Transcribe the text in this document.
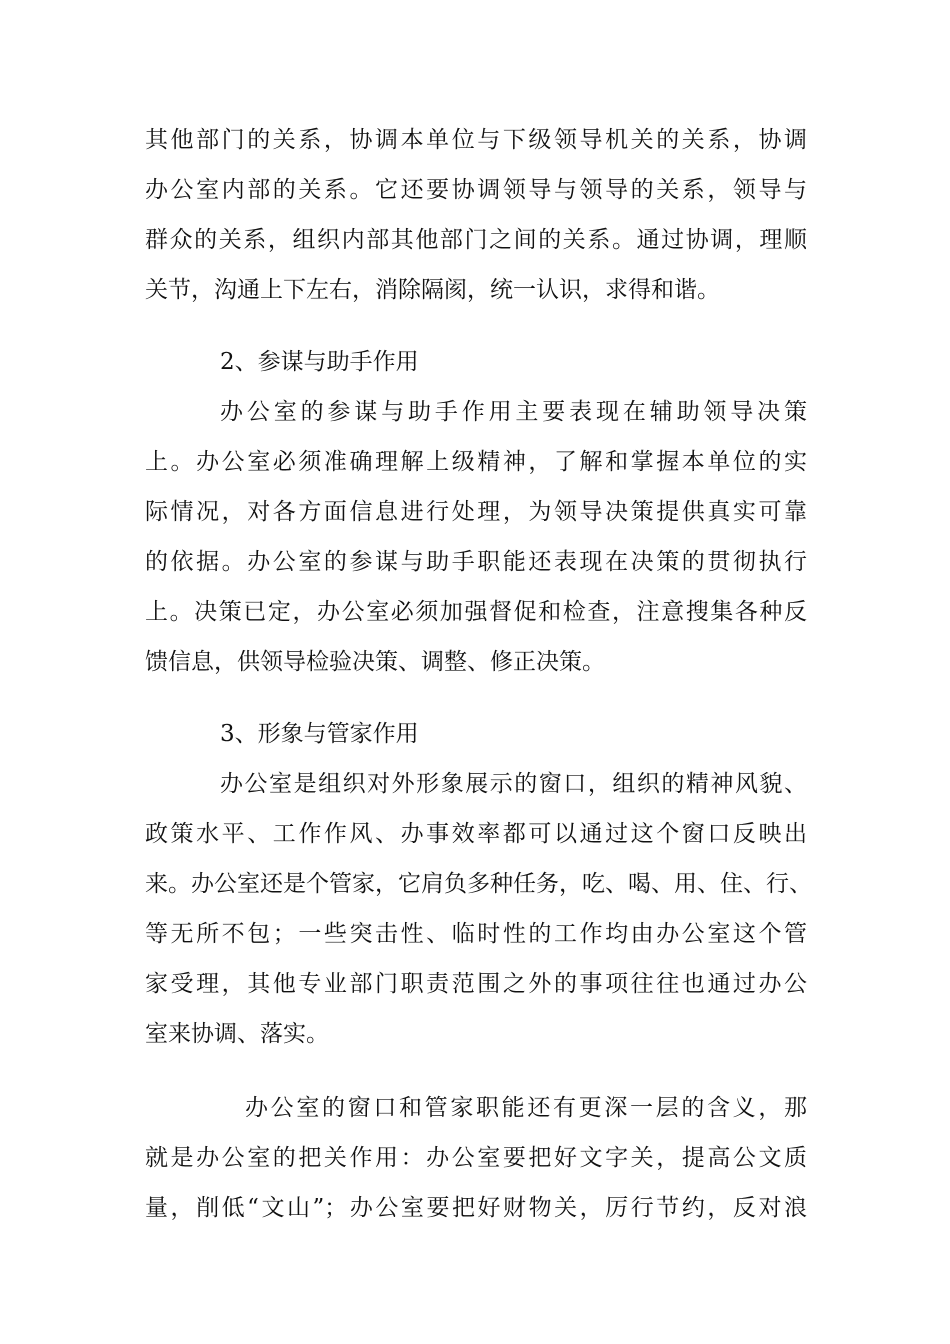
其他部门的关系，协调本单位与下级领导机关的关系，协调
办公室内部的关系。它还要协调领导与领导的关系，领导与
群众的关系，组织内部其他部门之间的关系。通过协调，理顺
关节，沟通上下左右，消除隔阂，统一认识，求得和谐。
2、参谋与助手作用
办公室的参谋与助手作用主要表现在辅助领导决策
上。办公室必须准确理解上级精神，了解和掌握本单位的实
际情况，对各方面信息进行处理，为领导决策提供真实可靠
的依据。办公室的参谋与助手职能还表现在决策的贯彻执行
上。决策已定，办公室必须加强督促和检查，注意搜集各种反
馈信息，供领导检验决策、调整、修正决策。
3、形象与管家作用
办公室是组织对外形象展示的窗口，组织的精神风貌、
政策水平、工作作风、办事效率都可以通过这个窗口反映出
来。办公室还是个管家，它肩负多种任务，吃、喝、用、住、行、
等无所不包；一些突击性、临时性的工作均由办公室这个管
家受理，其他专业部门职责范围之外的事项往往也通过办公
室来协调、落实。
办公室的窗口和管家职能还有更深一层的含义，那
就是办公室的把关作用：办公室要把好文字关，提高公文质
量，削低“文山”；办公室要把好财物关，厉行节约，反对浪
